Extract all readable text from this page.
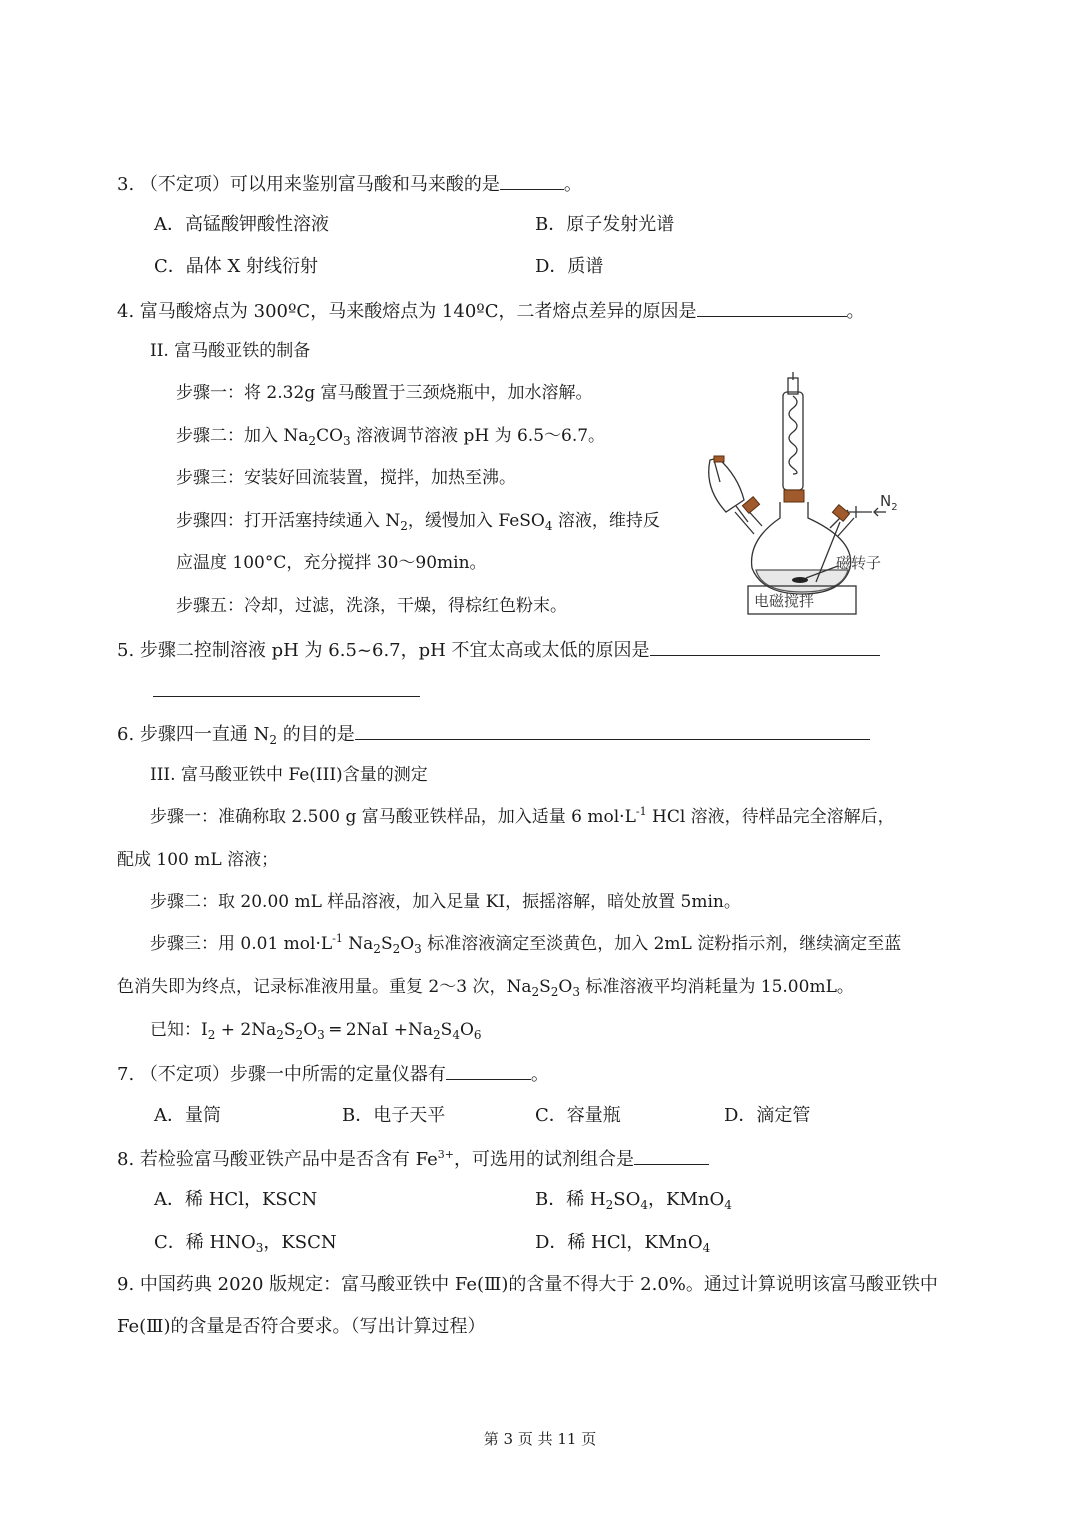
3. （不定项）可以用来鉴别富马酸和马来酸的是	。
A．高锰酸钾酸性溶液	B．原子发射光谱
C．晶体 X 射线衍射	D．质谱
4. 富马酸熔点为 300ºC，马来酸熔点为 140ºC，二者熔点差异的原因是	。
II. 富马酸亚铁的制备
步骤一：将 2.32g 富马酸置于三颈烧瓶中，加水溶解。
步骤二：加入 $Na_2CO_3$ 溶液调节溶液 pH 为 6.5～6.7。
步骤三：安装好回流装置，搅拌，加热至沸。
步骤四：打开活塞持续通入 $N_2$，缓慢加入 FeSO$_4$ 溶液，维持反
应温度 100°C，充分搅拌 30～90min。
步骤五：冷却，过滤，洗涤，干燥，得棕红色粉末。
$N_2$
磁转子
电磁搅拌
5. 步骤二控制溶液 pH 为 6.5~6.7，pH 不宜太高或太低的原因是
6. 步骤四一直通 $N_2$ 的目的是
III. 富马酸亚铁中 Fe(III)含量的测定
步骤一：准确称取 2.500 g 富马酸亚铁样品，加入适量 6 $mol\cdot L^{-1}$ HCl 溶液，待样品完全溶解后，
配成 100 mL 溶液；
步骤二：取 20.00 mL 样品溶液，加入足量 KI，振摇溶解，暗处放置 5min。
步骤三：用 0.01 $mol\cdot L^{-1}$ $Na_2S_2O_3$ 标准溶液滴定至淡黄色，加入 2mL 淀粉指示剂，继续滴定至蓝
色消失即为终点，记录标准液用量。重复 2～3 次，$Na_2S_2O_3$ 标准溶液平均消耗量为 15.00mL。
已知：$I_2 + 2Na_2S_2O_3$ ═ $2NaI +Na_2S_4O_6$
7. （不定项）步骤一中所需的定量仪器有	。
A．量筒	B．电子天平	C．容量瓶	D．滴定管
8. 若检验富马酸亚铁产品中是否含有 $Fe^{3+}$，可选用的试剂组合是
A．稀 HCl，KSCN	B．稀 $H_2SO_4$，KMnO$_4$
C．稀 $HNO_3$，KSCN	D．稀 HCl，KMnO$_4$
9. 中国药典 2020 版规定：富马酸亚铁中 Fe(Ⅲ)的含量不得大于 2.0%。通过计算说明该富马酸亚铁中
Fe(Ⅲ)的含量是否符合要求。（写出计算过程）
第 3 页 共 11 页
